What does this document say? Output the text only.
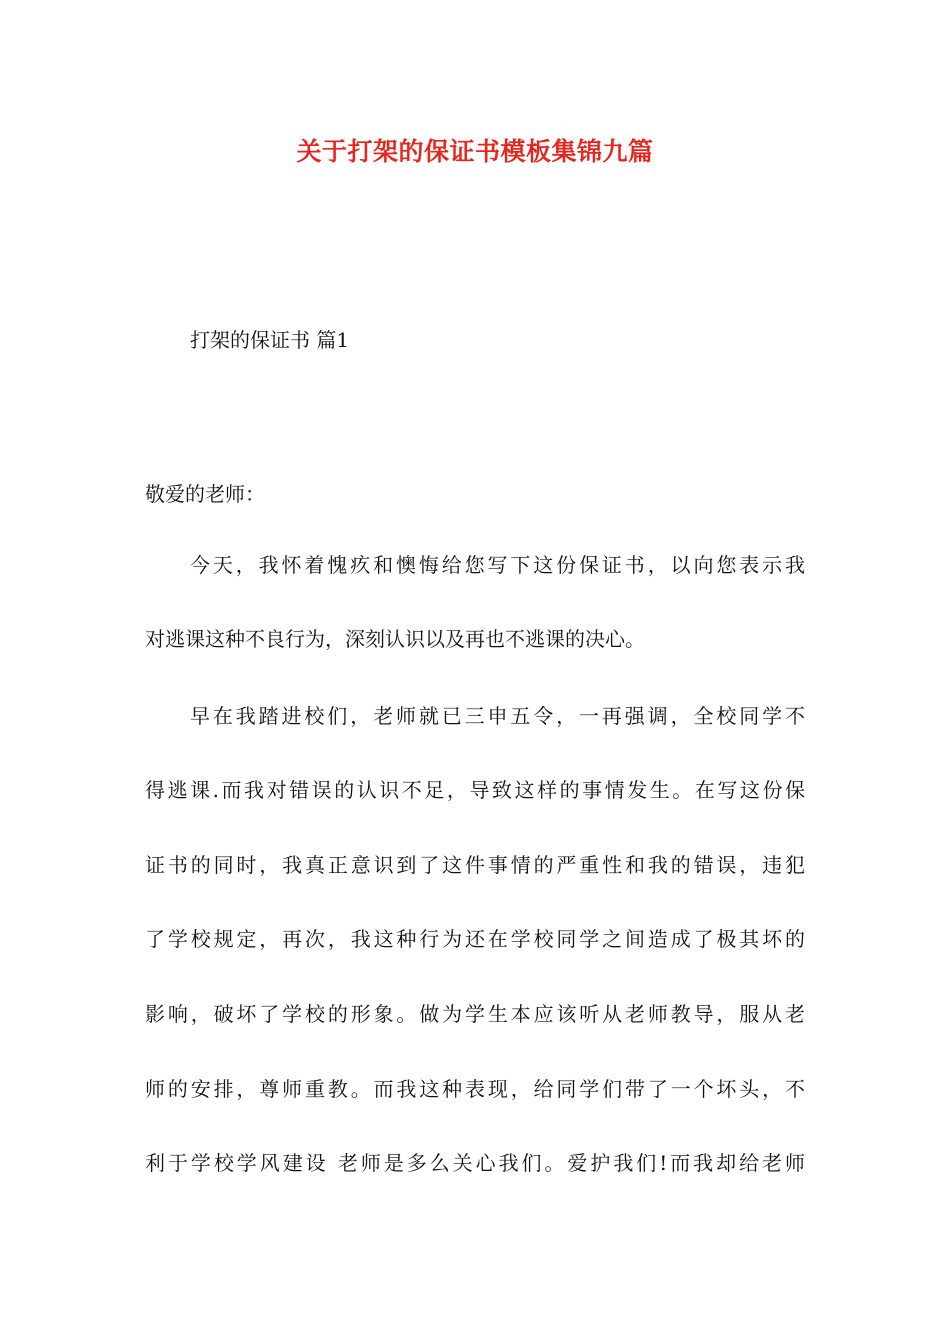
关于打架的保证书模板集锦九篇
打架的保证书 篇1
敬爱的老师：
今天，我怀着愧疚和懊悔给您写下这份保证书，以向您表示我
对逃课这种不良行为，深刻认识以及再也不逃课的决心。
早在我踏进校们，老师就已三申五令，一再强调，全校同学不
得逃课.而我对错误的认识不足，导致这样的事情发生。在写这份保
证书的同时，我真正意识到了这件事情的严重性和我的错误，违犯
了学校规定，再次，我这种行为还在学校同学之间造成了极其坏的
影响，破坏了学校的形象。做为学生本应该听从老师教导，服从老
师的安排，尊师重教。而我这种表现，给同学们带了一个坏头，不
利于学校学风建设 老师是多么关心我们。爱护我们!而我却给老师
